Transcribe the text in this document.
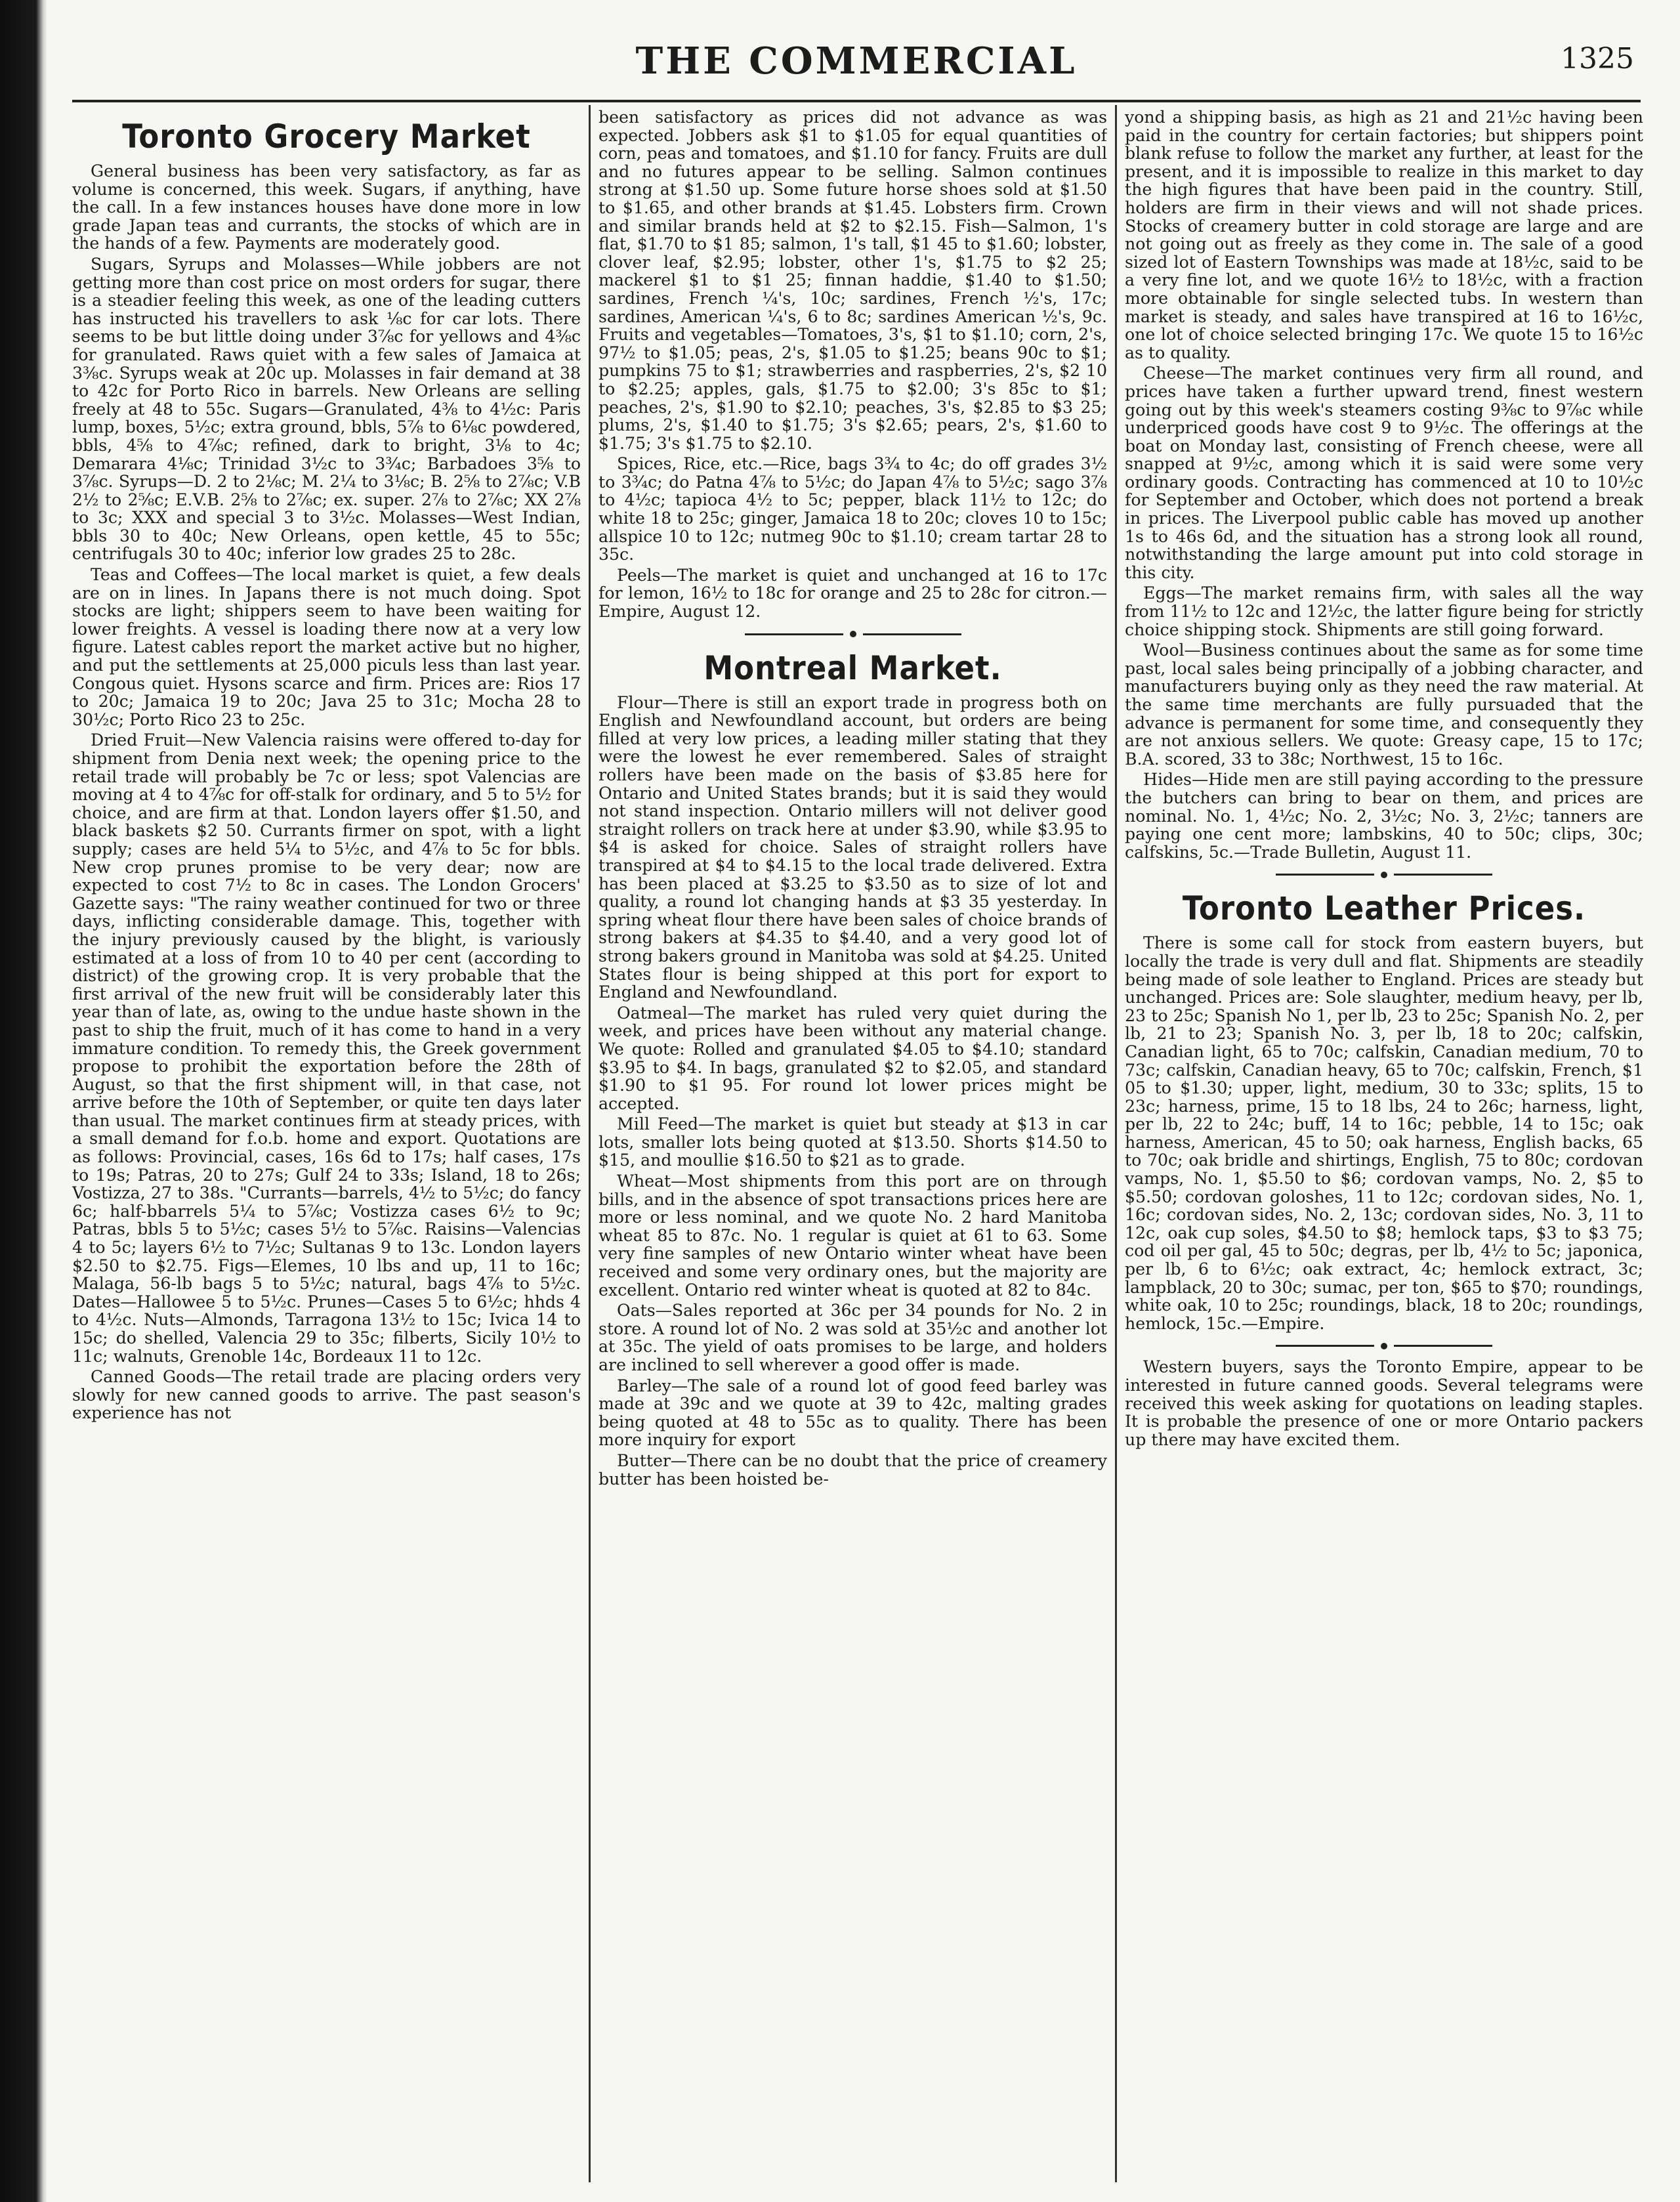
THE COMMERCIAL	1325
Toronto Grocery Market

General business has been very satisfactory, as far as volume is concerned, this week. Sugars, if anything, have the call. In a few instances houses have done more in low grade Japan teas and currants, the stocks of which are in the hands of a few. Payments are moderately good.

Sugars, Syrups and Molasses—While jobbers are not getting more than cost price on most orders for sugar, there is a steadier feeling this week, as one of the leading cutters has instructed his travellers to ask ⅛c for car lots. There seems to be but little doing under 3⅞c for yellows and 4⅜c for granulated. Raws quiet with a few sales of Jamaica at 3⅜c. Syrups weak at 20c up. Molasses in fair demand at 38 to 42c for Porto Rico in barrels. New Orleans are selling freely at 48 to 55c. Sugars—Granulated, 4⅜ to 4½c: Paris lump, boxes, 5½c; extra ground, bbls, 5⅞ to 6⅛c powdered, bbls, 4⅝ to 4⅞c; refined, dark to bright, 3⅛ to 4c; Demarara 4⅛c; Trinidad 3½c to 3¾c; Barbadoes 3⅝ to 3⅞c. Syrups—D. 2 to 2⅛c; M. 2¼ to 3⅛c; B. 2⅝ to 2⅞c; V.B 2½ to 2⅝c; E.V.B. 2⅝ to 2⅞c; ex. super. 2⅞ to 2⅞c; XX 2⅞ to 3c; XXX and special 3 to 3½c. Molasses—West Indian, bbls 30 to 40c; New Orleans, open kettle, 45 to 55c; centrifugals 30 to 40c; inferior low grades 25 to 28c.

Teas and Coffees—The local market is quiet, a few deals are on in lines. In Japans there is not much doing. Spot stocks are light; shippers seem to have been waiting for lower freights. A vessel is loading there now at a very low figure. Latest cables report the market active but no higher, and put the settlements at 25,000 piculs less than last year. Congous quiet. Hysons scarce and firm. Prices are: Rios 17 to 20c; Jamaica 19 to 20c; Java 25 to 31c; Mocha 28 to 30½c; Porto Rico 23 to 25c.

Dried Fruit—New Valencia raisins were offered to-day for shipment from Denia next week; the opening price to the retail trade will probably be 7c or less; spot Valencias are moving at 4 to 4⅞c for off-stalk for ordinary, and 5 to 5½ for choice, and are firm at that. London layers offer $1.50, and black baskets $2 50. Currants firmer on spot, with a light supply; cases are held 5¼ to 5½c, and 4⅞ to 5c for bbls. New crop prunes promise to be very dear; now are expected to cost 7½ to 8c in cases. The London Grocers' Gazette says: "The rainy weather continued for two or three days, inflicting considerable damage. This, together with the injury previously caused by the blight, is variously estimated at a loss of from 10 to 40 per cent (according to district) of the growing crop. It is very probable that the first arrival of the new fruit will be considerably later this year than of late, as, owing to the undue haste shown in the past to ship the fruit, much of it has come to hand in a very immature condition. To remedy this, the Greek government propose to prohibit the exportation before the 28th of August, so that the first shipment will, in that case, not arrive before the 10th of September, or quite ten days later than usual. The market continues firm at steady prices, with a small demand for f.o.b. home and export. Quotations are as follows: Provincial, cases, 16s 6d to 17s; half cases, 17s to 19s; Patras, 20 to 27s; Gulf 24 to 33s; Island, 18 to 26s; Vostizza, 27 to 38s. "Currants—barrels, 4½ to 5½c; do fancy 6c; half-bbarrels 5¼ to 5⅞c; Vostizza cases 6½ to 9c; Patras, bbls 5 to 5½c; cases 5½ to 5⅞c. Raisins—Valencias 4 to 5c; layers 6½ to 7½c; Sultanas 9 to 13c. London layers $2.50 to $2.75. Figs—Elemes, 10 lbs and up, 11 to 16c; Malaga, 56-lb bags 5 to 5½c; natural, bags 4⅞ to 5½c. Dates—Hallowee 5 to 5½c. Prunes—Cases 5 to 6½c; hhds 4 to 4½c. Nuts—Almonds, Tarragona 13½ to 15c; Ivica 14 to 15c; do shelled, Valencia 29 to 35c; filberts, Sicily 10½ to 11c; walnuts, Grenoble 14c, Bordeaux 11 to 12c.

Canned Goods—The retail trade are placing orders very slowly for new canned goods to arrive. The past season's experience has not

been satisfactory as prices did not advance as was expected. Jobbers ask $1 to $1.05 for equal quantities of corn, peas and tomatoes, and $1.10 for fancy. Fruits are dull and no futures appear to be selling. Salmon continues strong at $1.50 up. Some future horse shoes sold at $1.50 to $1.65, and other brands at $1.45. Lobsters firm. Crown and similar brands held at $2 to $2.15. Fish—Salmon, 1's flat, $1.70 to $1 85; salmon, 1's tall, $1 45 to $1.60; lobster, clover leaf, $2.95; lobster, other 1's, $1.75 to $2 25; mackerel $1 to $1 25; finnan haddie, $1.40 to $1.50; sardines, French ¼'s, 10c; sardines, French ½'s, 17c; sardines, American ¼'s, 6 to 8c; sardines American ½'s, 9c. Fruits and vegetables—Tomatoes, 3's, $1 to $1.10; corn, 2's, 97½ to $1.05; peas, 2's, $1.05 to $1.25; beans 90c to $1; pumpkins 75 to $1; strawberries and raspberries, 2's, $2 10 to $2.25; apples, gals, $1.75 to $2.00; 3's 85c to $1; peaches, 2's, $1.90 to $2.10; peaches, 3's, $2.85 to $3 25; plums, 2's, $1.40 to $1.75; 3's $2.65; pears, 2's, $1.60 to $1.75; 3's $1.75 to $2.10.

Spices, Rice, etc.—Rice, bags 3¾ to 4c; do off grades 3½ to 3¾c; do Patna 4⅞ to 5½c; do Japan 4⅞ to 5½c; sago 3⅞ to 4½c; tapioca 4½ to 5c; pepper, black 11½ to 12c; do white 18 to 25c; ginger, Jamaica 18 to 20c; cloves 10 to 15c; allspice 10 to 12c; nutmeg 90c to $1.10; cream tartar 28 to 35c.

Peels—The market is quiet and unchanged at 16 to 17c for lemon, 16½ to 18c for orange and 25 to 28c for citron.—Empire, August 12.

Montreal Market.

Flour—There is still an export trade in progress both on English and Newfoundland account, but orders are being filled at very low prices, a leading miller stating that they were the lowest he ever remembered. Sales of straight rollers have been made on the basis of $3.85 here for Ontario and United States brands; but it is said they would not stand inspection. Ontario millers will not deliver good straight rollers on track here at under $3.90, while $3.95 to $4 is asked for choice. Sales of straight rollers have transpired at $4 to $4.15 to the local trade delivered. Extra has been placed at $3.25 to $3.50 as to size of lot and quality, a round lot changing hands at $3 35 yesterday. In spring wheat flour there have been sales of choice brands of strong bakers at $4.35 to $4.40, and a very good lot of strong bakers ground in Manitoba was sold at $4.25. United States flour is being shipped at this port for export to England and Newfoundland.

Oatmeal—The market has ruled very quiet during the week, and prices have been without any material change. We quote: Rolled and granulated $4.05 to $4.10; standard $3.95 to $4. In bags, granulated $2 to $2.05, and standard $1.90 to $1 95. For round lot lower prices might be accepted.

Mill Feed—The market is quiet but steady at $13 in car lots, smaller lots being quoted at $13.50. Shorts $14.50 to $15, and moullie $16.50 to $21 as to grade.

Wheat—Most shipments from this port are on through bills, and in the absence of spot transactions prices here are more or less nominal, and we quote No. 2 hard Manitoba wheat 85 to 87c. No. 1 regular is quiet at 61 to 63. Some very fine samples of new Ontario winter wheat have been received and some very ordinary ones, but the majority are excellent. Ontario red winter wheat is quoted at 82 to 84c.

Oats—Sales reported at 36c per 34 pounds for No. 2 in store. A round lot of No. 2 was sold at 35½c and another lot at 35c. The yield of oats promises to be large, and holders are inclined to sell wherever a good offer is made.

Barley—The sale of a round lot of good feed barley was made at 39c and we quote at 39 to 42c, malting grades being quoted at 48 to 55c as to quality. There has been more inquiry for export

Butter—There can be no doubt that the price of creamery butter has been hoisted be-

yond a shipping basis, as high as 21 and 21½c having been paid in the country for certain factories; but shippers point blank refuse to follow the market any further, at least for the present, and it is impossible to realize in this market to day the high figures that have been paid in the country. Still, holders are firm in their views and will not shade prices. Stocks of creamery butter in cold storage are large and are not going out as freely as they come in. The sale of a good sized lot of Eastern Townships was made at 18½c, said to be a very fine lot, and we quote 16½ to 18½c, with a fraction more obtainable for single selected tubs. In western than market is steady, and sales have transpired at 16 to 16½c, one lot of choice selected bringing 17c. We quote 15 to 16½c as to quality.

Cheese—The market continues very firm all round, and prices have taken a further upward trend, finest western going out by this week's steamers costing 9⅜c to 9⅞c while underpriced goods have cost 9 to 9½c. The offerings at the boat on Monday last, consisting of French cheese, were all snapped at 9½c, among which it is said were some very ordinary goods. Contracting has commenced at 10 to 10½c for September and October, which does not portend a break in prices. The Liverpool public cable has moved up another 1s to 46s 6d, and the situation has a strong look all round, notwithstanding the large amount put into cold storage in this city.

Eggs—The market remains firm, with sales all the way from 11½ to 12c and 12½c, the latter figure being for strictly choice shipping stock. Shipments are still going forward.

Wool—Business continues about the same as for some time past, local sales being principally of a jobbing character, and manufacturers buying only as they need the raw material. At the same time merchants are fully pursuaded that the advance is permanent for some time, and consequently they are not anxious sellers. We quote: Greasy cape, 15 to 17c; B.A. scored, 33 to 38c; Northwest, 15 to 16c.

Hides—Hide men are still paying according to the pressure the butchers can bring to bear on them, and prices are nominal. No. 1, 4½c; No. 2, 3½c; No. 3, 2½c; tanners are paying one cent more; lambskins, 40 to 50c; clips, 30c; calfskins, 5c.—Trade Bulletin, August 11.

Toronto Leather Prices.

There is some call for stock from eastern buyers, but locally the trade is very dull and flat. Shipments are steadily being made of sole leather to England. Prices are steady but unchanged. Prices are: Sole slaughter, medium heavy, per lb, 23 to 25c; Spanish No 1, per lb, 23 to 25c; Spanish No. 2, per lb, 21 to 23; Spanish No. 3, per lb, 18 to 20c; calfskin, Canadian light, 65 to 70c; calfskin, Canadian medium, 70 to 73c; calfskin, Canadian heavy, 65 to 70c; calfskin, French, $1 05 to $1.30; upper, light, medium, 30 to 33c; splits, 15 to 23c; harness, prime, 15 to 18 lbs, 24 to 26c; harness, light, per lb, 22 to 24c; buff, 14 to 16c; pebble, 14 to 15c; oak harness, American, 45 to 50; oak harness, English backs, 65 to 70c; oak bridle and shirtings, English, 75 to 80c; cordovan vamps, No. 1, $5.50 to $6; cordovan vamps, No. 2, $5 to $5.50; cordovan goloshes, 11 to 12c; cordovan sides, No. 1, 16c; cordovan sides, No. 2, 13c; cordovan sides, No. 3, 11 to 12c, oak cup soles, $4.50 to $8; hemlock taps, $3 to $3 75; cod oil per gal, 45 to 50c; degras, per lb, 4½ to 5c; japonica, per lb, 6 to 6½c; oak extract, 4c; hemlock extract, 3c; lampblack, 20 to 30c; sumac, per ton, $65 to $70; roundings, white oak, 10 to 25c; roundings, black, 18 to 20c; roundings, hemlock, 15c.—Empire.

Western buyers, says the Toronto Empire, appear to be interested in future canned goods. Several telegrams were received this week asking for quotations on leading staples. It is probable the presence of one or more Ontario packers up there may have excited them.
